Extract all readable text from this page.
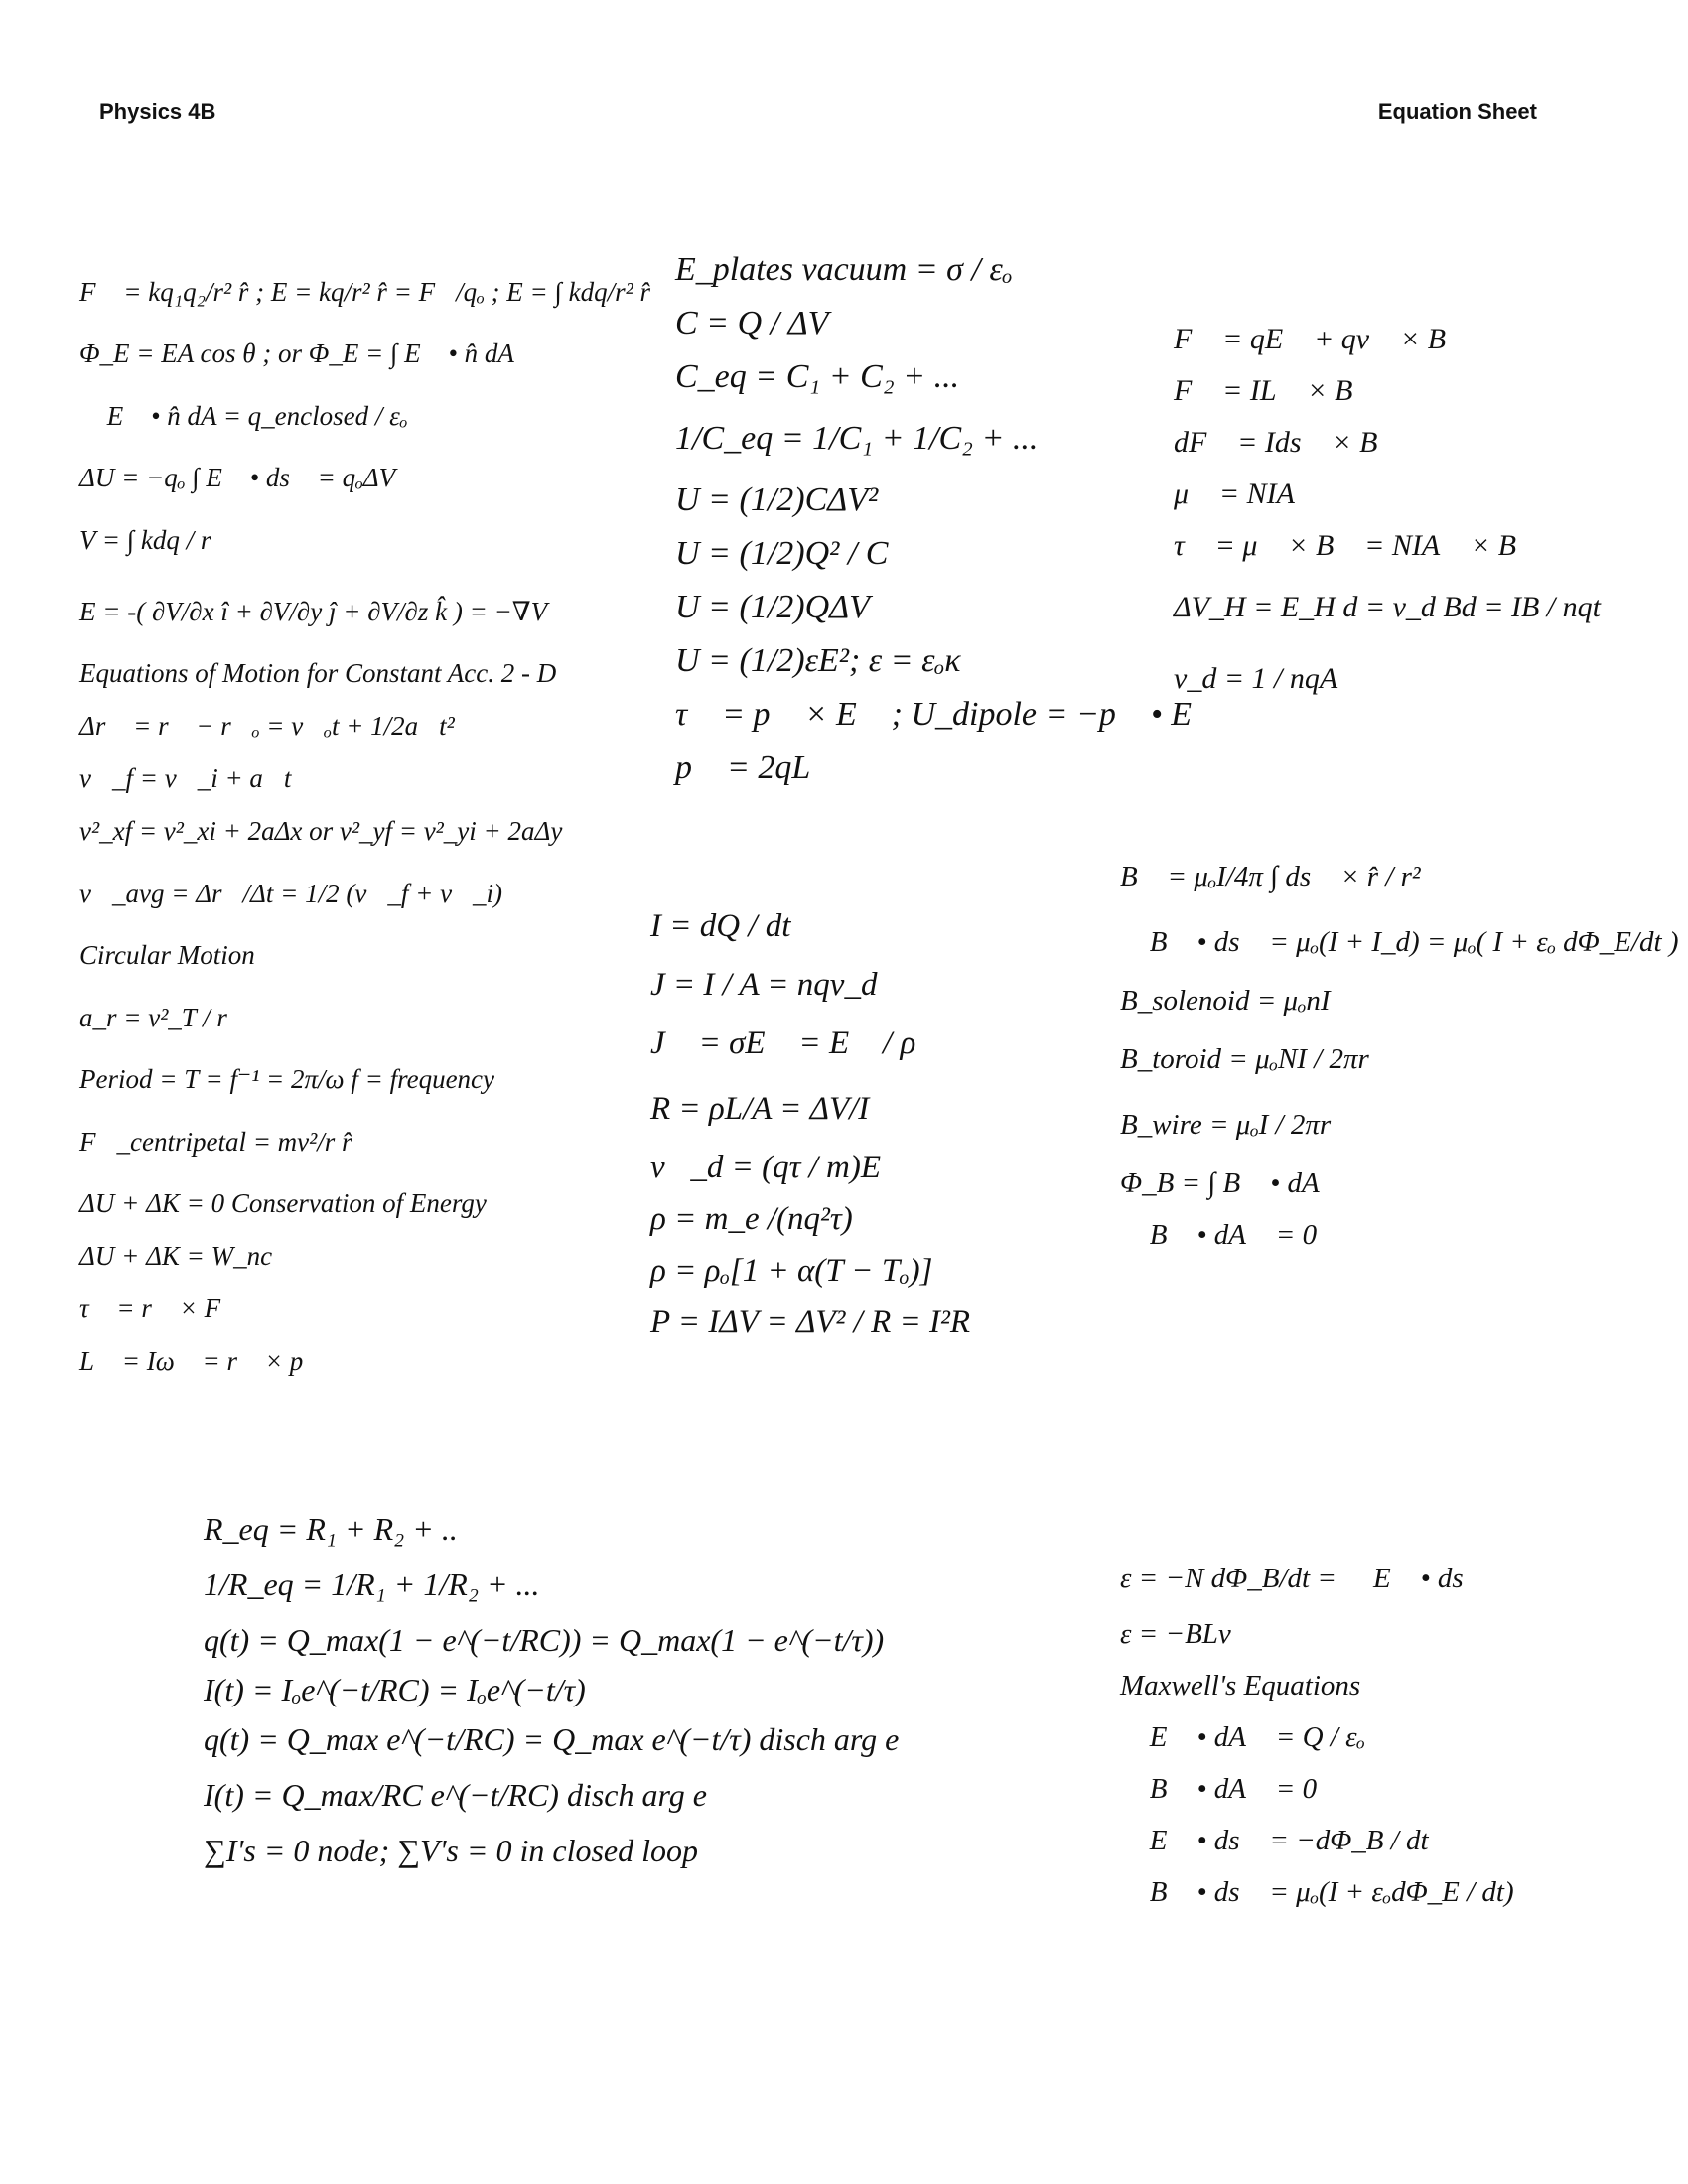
Physics 4B	Equation Sheet
F⃗ = kq₁q₂/r² r̂ ; E = kq/r² r̂ = F⃗/qₒ ; E = ∫ kdq/r² r̂
Φ_E = EA cos θ ; or Φ_E = ∫ E⃗ • n̂ dA
∮ E⃗ • n̂ dA = q_enclosed / εₒ
ΔU = −qₒ ∫ E⃗ • ds⃗ = qₒΔV
V = ∫ kdq / r
E = -( ∂V/∂x î + ∂V/∂y ĵ + ∂V/∂z k̂ ) = −∇V
Equations of Motion for Constant Acc. 2 - D
Δr⃗ = r⃗ − r⃗ₒ = v⃗ₒt + 1/2a⃗t²
v⃗_f = v⃗_i + a⃗t
v²_xf = v²_xi + 2aΔx or v²_yf = v²_yi + 2aΔy
v⃗_avg = Δr⃗/Δt = 1/2 (v⃗_f + v⃗_i)
Circular Motion
a_r = v²_T / r
Period = T = f⁻¹ = 2π/ω f = frequency
F⃗_centripetal = mv²/r r̂
ΔU + ΔK = 0 Conservation of Energy
ΔU + ΔK = W_nc
τ⃗ = r⃗ × F⃗
L⃗ = Iω⃗ = r⃗ × p⃗
E_plates vacuum = σ / εₒ
C = Q / ΔV
C_eq = C₁ + C₂ + ...
1/C_eq = 1/C₁ + 1/C₂ + ...
U = (1/2)CΔV²
U = (1/2)Q² / C
U = (1/2)QΔV
U = (1/2)εE²; ε = εₒκ
τ⃗ = p⃗ × E⃗ ; U_dipole = −p⃗ • E⃗
p⃗ = 2qL⃗
F⃗ = qE⃗ + qv⃗ × B⃗
F⃗ = IL⃗ × B⃗
dF⃗ = Ids⃗ × B⃗
μ⃗ = NIA⃗
τ⃗ = μ⃗ × B⃗ = NIA⃗ × B⃗
ΔV_H = E_H d = v_d Bd = IB / nqt
v_d = 1 / nqA
I = dQ / dt
J = I / A = nqv_d
J⃗ = σE⃗ = E⃗ / ρ
R = ρL/A = ΔV/I
v⃗_d = (qτ / m)E⃗
ρ = m_e /(nq²τ)
ρ = ρₒ[1 + α(T − Tₒ)]
P = IΔV = ΔV² / R = I²R
B⃗ = μₒI/4π ∫ ds⃗ × r̂ / r²
∮ B⃗ • ds⃗ = μₒ(I + I_d) = μₒ( I + εₒ dΦ_E/dt )
B_solenoid = μₒnI
B_toroid = μₒNI / 2πr
B_wire = μₒI / 2πr
Φ_B = ∫ B⃗ • dA⃗
∮ B⃗ • dA⃗ = 0
R_eq = R₁ + R₂ + ..
1/R_eq = 1/R₁ + 1/R₂ + ...
q(t) = Q_max(1 − e^(−t/RC)) = Q_max(1 − e^(−t/τ))
I(t) = Iₒe^(−t/RC) = Iₒe^(−t/τ)
q(t) = Q_max e^(−t/RC) = Q_max e^(−t/τ) disch arg e
I(t) = Q_max/RC e^(−t/RC) disch arg e
∑I's = 0 node; ∑V's = 0 in closed loop
ε = −N dΦ_B/dt = ∮ E⃗ • ds⃗
ε = −BLv
Maxwell's Equations
∮ E⃗ • dA⃗ = Q / εₒ
∮ B⃗ • dA⃗ = 0
∮ E⃗ • ds⃗ = −dΦ_B / dt
∮ B⃗ • ds⃗ = μₒ(I + εₒdΦ_E / dt)
